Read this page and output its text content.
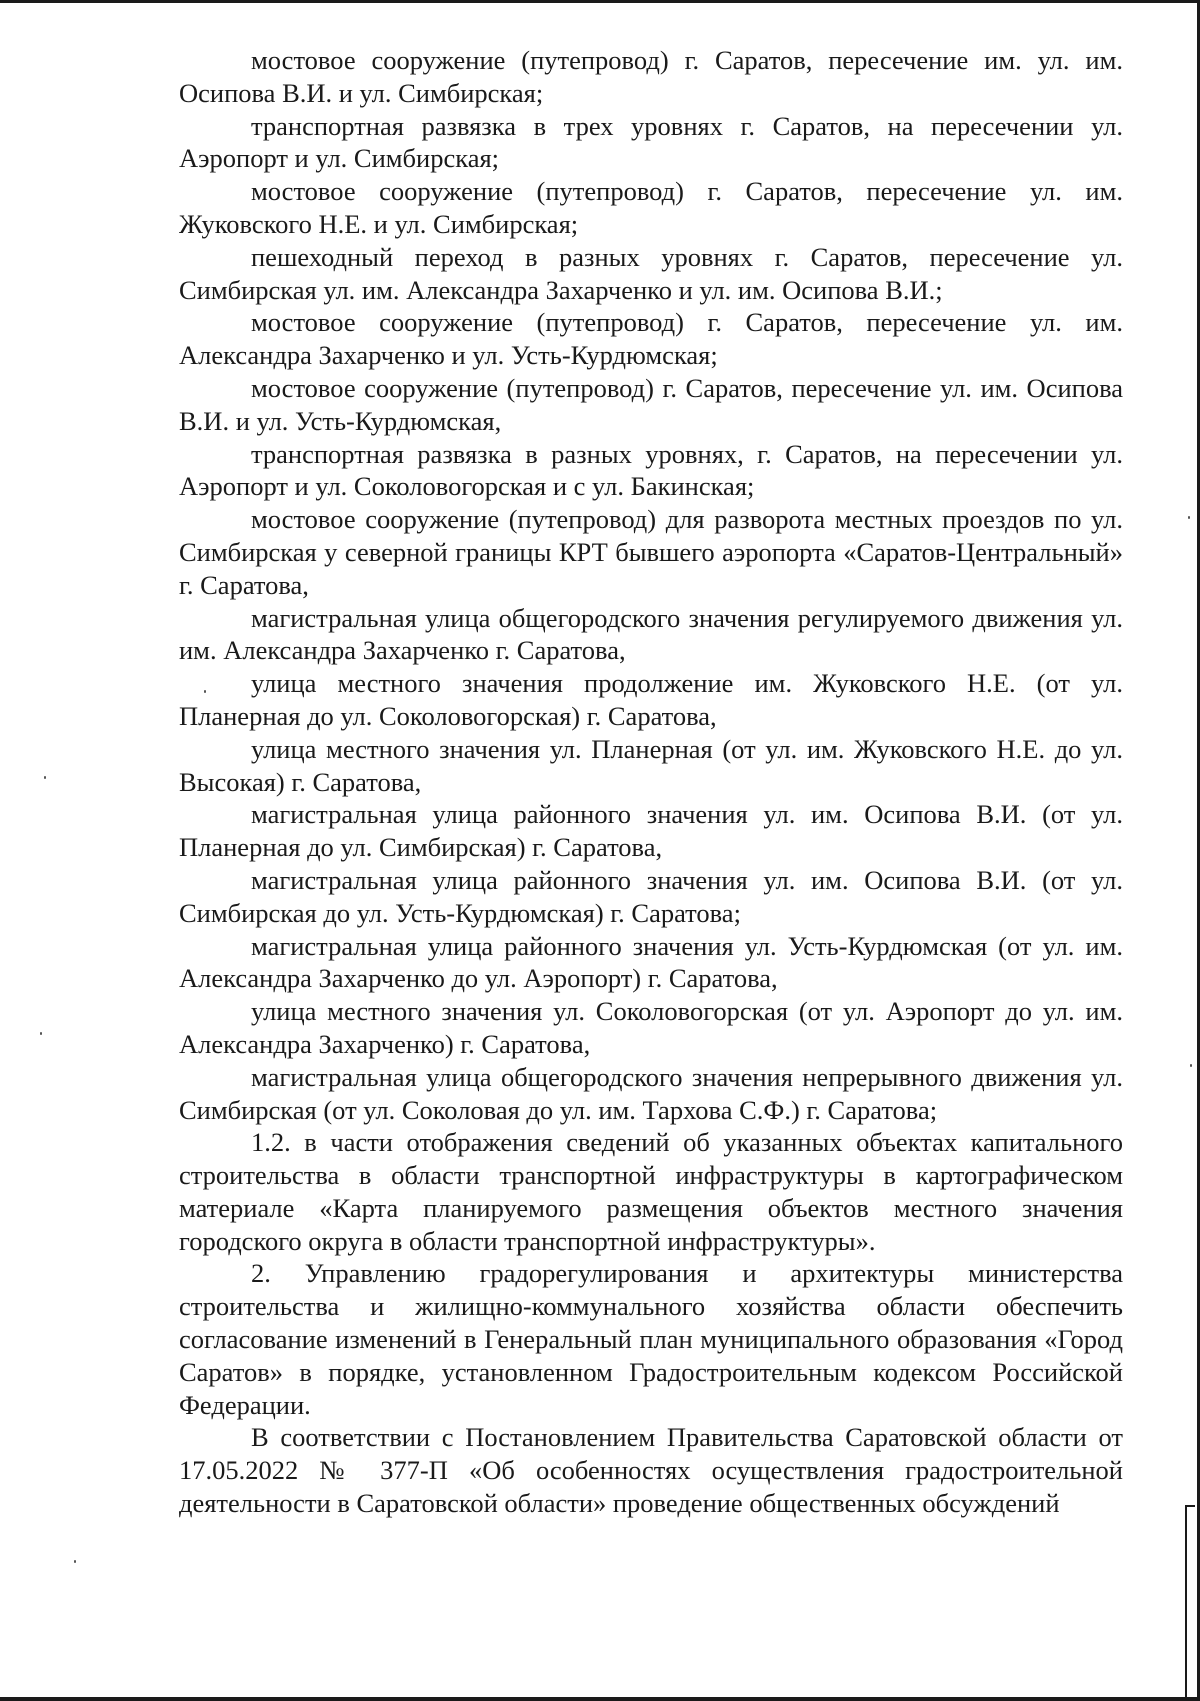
мостовое сооружение (путепровод) г. Саратов, пересечение им. ул. им. Осипова В.И. и ул. Симбирская;

транспортная развязка в трех уровнях г. Саратов, на пересечении ул. Аэропорт и ул. Симбирская;

мостовое сооружение (путепровод) г. Саратов, пересечение ул. им. Жуковского Н.Е. и ул. Симбирская;

пешеходный переход в разных уровнях г. Саратов, пересечение ул. Симбирская ул. им. Александра Захарченко и ул. им. Осипова В.И.;

мостовое сооружение (путепровод) г. Саратов, пересечение ул. им. Александра Захарченко и ул. Усть-Курдюмская;

мостовое сооружение (путепровод) г. Саратов, пересечение ул. им. Осипова В.И. и ул. Усть-Курдюмская,

транспортная развязка в разных уровнях, г. Саратов, на пересечении ул. Аэропорт и ул. Соколовогорская и с ул. Бакинская;

мостовое сооружение (путепровод) для разворота местных проездов по ул. Симбирская у северной границы КРТ бывшего аэропорта «Саратов-Центральный» г. Саратова,

магистральная улица общегородского значения регулируемого движения ул. им. Александра Захарченко г. Саратова,

улица местного значения продолжение им. Жуковского Н.Е. (от ул. Планерная до ул. Соколовогорская) г. Саратова,

улица местного значения ул. Планерная (от ул. им. Жуковского Н.Е. до ул. Высокая) г. Саратова,

магистральная улица районного значения ул. им. Осипова В.И. (от ул. Планерная до ул. Симбирская) г. Саратова,

магистральная улица районного значения ул. им. Осипова В.И. (от ул. Симбирская до ул. Усть-Курдюмская) г. Саратова;

магистральная улица районного значения ул. Усть-Курдюмская (от ул. им. Александра Захарченко до ул. Аэропорт) г. Саратова,

улица местного значения ул. Соколовогорская (от ул. Аэропорт до ул. им. Александра Захарченко) г. Саратова,

магистральная улица общегородского значения непрерывного движения ул. Симбирская (от ул. Соколовая до ул. им. Тархова С.Ф.) г. Саратова;

1.2. в части отображения сведений об указанных объектах капитального строительства в области транспортной инфраструктуры в картографическом материале «Карта планируемого размещения объектов местного значения городского округа в области транспортной инфраструктуры».

2. Управлению градорегулирования и архитектуры министерства строительства и жилищно-коммунального хозяйства области обеспечить согласование изменений в Генеральный план муниципального образования «Город Саратов» в порядке, установленном Градостроительным кодексом Российской Федерации.

В соответствии с Постановлением Правительства Саратовской области от 17.05.2022 № 377-П «Об особенностях осуществления градостроительной деятельности в Саратовской области» проведение общественных обсуждений
